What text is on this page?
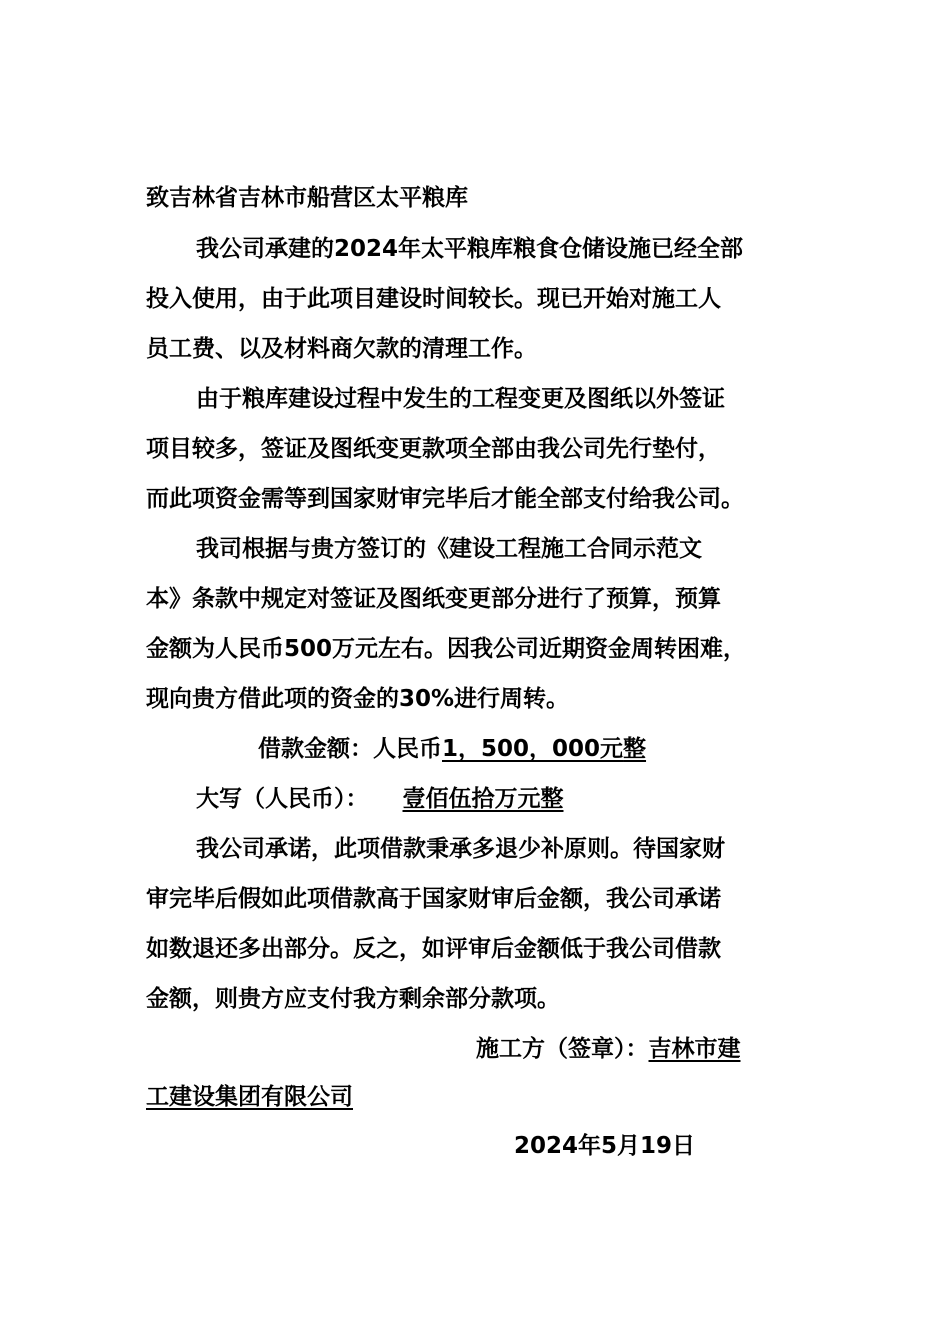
致吉林省吉林市船营区太平粮库
我公司承建的2024年太平粮库粮食仓储设施已经全部
投入使用，由于此项目建设时间较长。现已开始对施工人
员工费、以及材料商欠款的清理工作。
由于粮库建设过程中发生的工程变更及图纸以外签证
项目较多，签证及图纸变更款项全部由我公司先行垫付，
而此项资金需等到国家财审完毕后才能全部支付给我公司。
我司根据与贵方签订的《建设工程施工合同示范文
本》条款中规定对签证及图纸变更部分进行了预算，预算
金额为人民币500万元左右。因我公司近期资金周转困难，
现向贵方借此项的资金的30%进行周转。
借款金额：人民币1，500，000元整
大写（人民币）： 壹佰伍拾万元整
我公司承诺，此项借款秉承多退少补原则。待国家财
审完毕后假如此项借款高于国家财审后金额，我公司承诺
如数退还多出部分。反之，如评审后金额低于我公司借款
金额，则贵方应支付我方剩余部分款项。
施工方（签章）：吉林市建
工建设集团有限公司
2024年5月19日
